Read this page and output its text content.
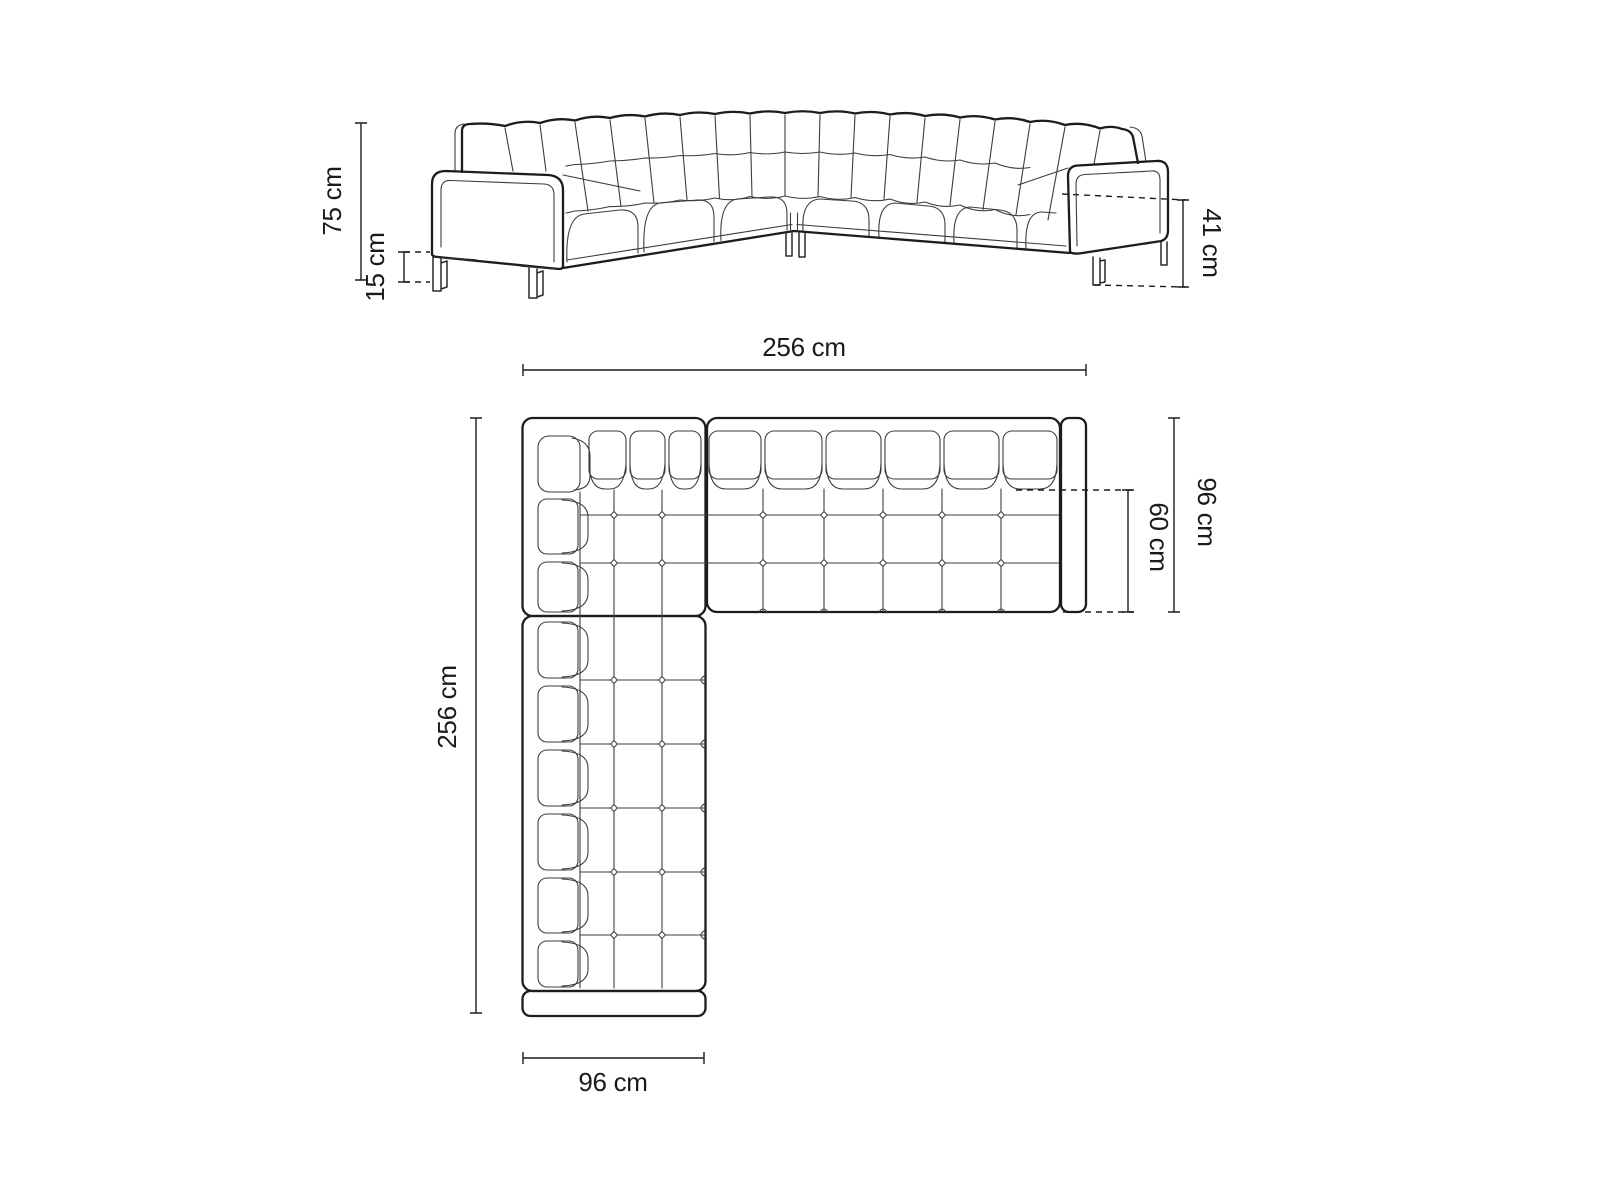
75 cm
15 cm	41 cm
256 cm
256 cm
96 cm
60 cm
96 cm
